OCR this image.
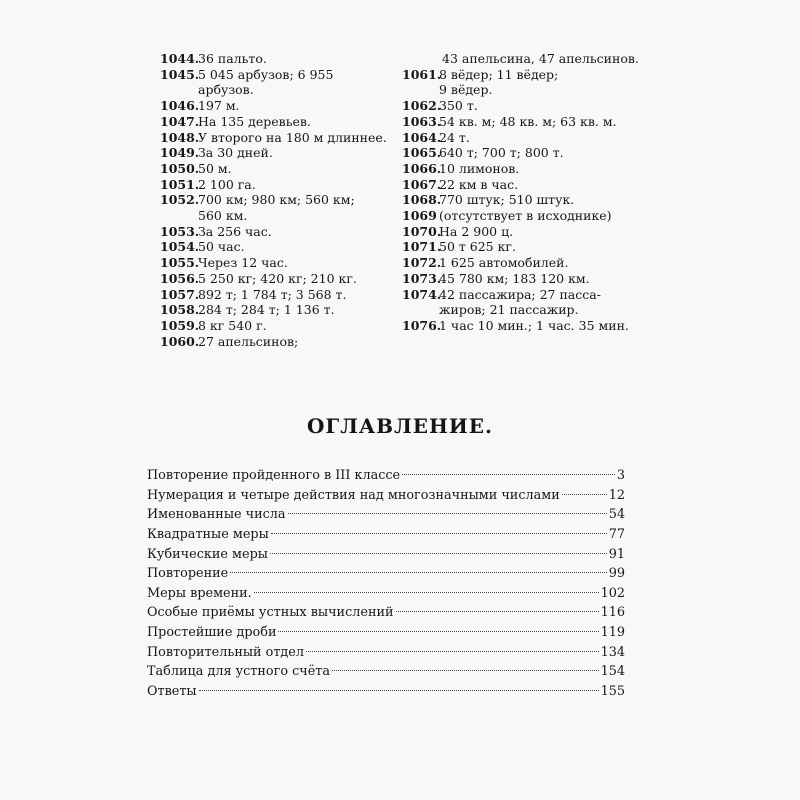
1044.36 пальто.
1045.5 045 арбузов; 6 955
арбузов.
1046.197 м.
1047.На 135 деревьев.
1048.У второго на 180 м длиннее.
1049.За 30 дней.
1050.50 м.
1051.2 100 га.
1052.700 км; 980 км; 560 км;
560 км.
1053.За 256 час.
1054.50 час.
1055.Через 12 час.
1056.5 250 кг; 420 кг; 210 кг.
1057.892 т; 1 784 т; 3 568 т.
1058.284 т; 284 т; 1 136 т.
1059.8 кг 540 г.
1060.27 апельсинов;
43 апельсина, 47 апельсинов.
1061.8 вёдер; 11 вёдер;
9 вёдер.
1062.350 т.
1063.54 кв. м; 48 кв. м; 63 кв. м.
1064.24 т.
1065.640 т; 700 т; 800 т.
1066.10 лимонов.
1067.22 км в час.
1068.770 штук; 510 штук.
1069 (отсутствует в исходнике)
1070.На 2 900 ц.
1071.50 т 625 кг.
1072.1 625 автомобилей.
1073.45 780 км; 183 120 км.
1074.42 пассажира; 27 пасса-
жиров; 21 пассажир.
1076.1 час 10 мин.; 1 час. 35 мин.
ОГЛАВЛЕНИЕ.
Повторение пройденного в III классе	3
Нумерация и четыре действия над многозначными числами	12
Именованные числа	54
Квадратные меры	77
Кубические меры	91
Повторение	99
Меры времени.	102
Особые приёмы устных вычислений	116
Простейшие дроби	119
Повторительный отдел	134
Таблица для устного счёта	154
Ответы	155
